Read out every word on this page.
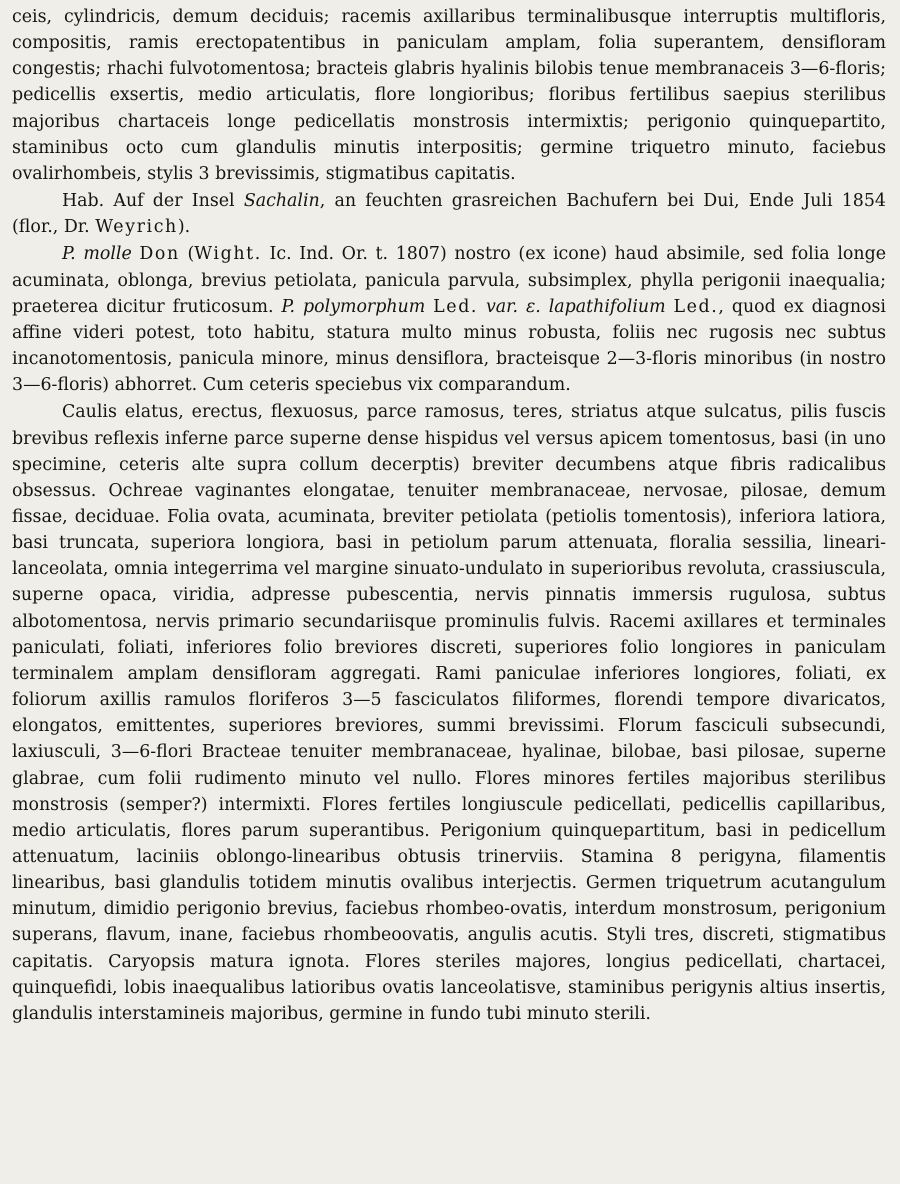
ceis, cylindricis, demum deciduis; racemis axillaribus terminalibusque interruptis multifloris, compositis, ramis erectopatentibus in paniculam amplam, folia superantem, densifloram congestis; rhachi fulvotomentosa; bracteis glabris hyalinis bilobis tenue membranaceis 3—6-floris; pedicellis exsertis, medio articulatis, flore longioribus; floribus fertilibus saepius sterilibus majoribus chartaceis longe pedicellatis monstrosis intermixtis; perigonio quinquepartito, staminibus octo cum glandulis minutis interpositis; germine triquetro minuto, faciebus ovalirhombeis, stylis 3 brevissimis, stigmatibus capitatis.

Hab. Auf der Insel Sachalin, an feuchten grasreichen Bachufern bei Dui, Ende Juli 1854 (flor., Dr. Weyrich).

P. molle Don (Wight. Ic. Ind. Or. t. 1807) nostro (ex icone) haud absimile, sed folia longe acuminata, oblonga, brevius petiolata, panicula parvula, subsimplex, phylla perigonii inaequalia; praeterea dicitur fruticosum. P. polymorphum Led. var. ε. lapathifolium Led., quod ex diagnosi affine videri potest, toto habitu, statura multo minus robusta, foliis nec rugosis nec subtus incanotomentosis, panicula minore, minus densiflora, bracteisque 2—3-floris minoribus (in nostro 3—6-floris) abhorret. Cum ceteris speciebus vix comparandum.

Caulis elatus, erectus, flexuosus, parce ramosus, teres, striatus atque sulcatus, pilis fuscis brevibus reflexis inferne parce superne dense hispidus vel versus apicem tomentosus, basi (in uno specimine, ceteris alte supra collum decerptis) breviter decumbens atque fibris radicalibus obsessus. Ochreae vaginantes elongatae, tenuiter membranaceae, nervosae, pilosae, demum fissae, deciduae. Folia ovata, acuminata, breviter petiolata (petiolis tomentosis), inferiora latiora, basi truncata, superiora longiora, basi in petiolum parum attenuata, floralia sessilia, lineari-lanceolata, omnia integerrima vel margine sinuato-undulato in superioribus revoluta, crassiuscula, superne opaca, viridia, adpresse pubescentia, nervis pinnatis immersis rugulosa, subtus albotomentosa, nervis primario secundariisque prominulis fulvis. Racemi axillares et terminales paniculati, foliati, inferiores folio breviores discreti, superiores folio longiores in paniculam terminalem amplam densifloram aggregati. Rami paniculae inferiores longiores, foliati, ex foliorum axillis ramulos floriferos 3—5 fasciculatos filiformes, florendi tempore divaricatos, elongatos, emittentes, superiores breviores, summi brevissimi. Florum fasciculi subsecundi, laxiusculi, 3—6-flori Bracteae tenuiter membranaceae, hyalinae, bilobae, basi pilosae, superne glabrae, cum folii rudimento minuto vel nullo. Flores minores fertiles majoribus sterilibus monstrosis (semper?) intermixti. Flores fertiles longiuscule pedicellati, pedicellis capillaribus, medio articulatis, flores parum superantibus. Perigonium quinquepartitum, basi in pedicellum attenuatum, laciniis oblongo-linearibus obtusis trinerviis. Stamina 8 perigyna, filamentis linearibus, basi glandulis totidem minutis ovalibus interjectis. Germen triquetrum acutangulum minutum, dimidio perigonio brevius, faciebus rhombeo-ovatis, interdum monstrosum, perigonium superans, flavum, inane, faciebus rhombeoovatis, angulis acutis. Styli tres, discreti, stigmatibus capitatis. Caryopsis matura ignota. Flores steriles majores, longius pedicellati, chartacei, quinquefidi, lobis inaequalibus latioribus ovatis lanceolatisve, staminibus perigynis altius insertis, glandulis interstamineis majoribus, germine in fundo tubi minuto sterili.
